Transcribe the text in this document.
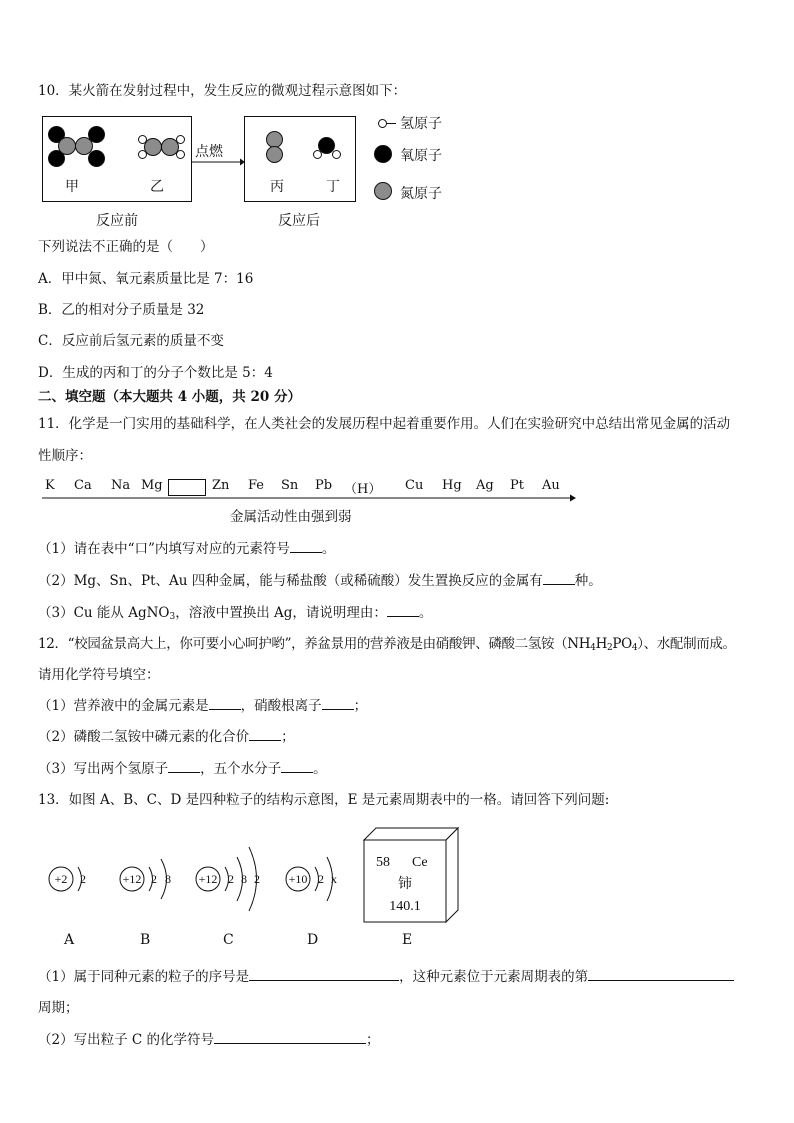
10．某火箭在发射过程中，发生反应的微观过程示意图如下：
甲	乙
点燃
丙	丁
反应前	反应后
氢原子
氧原子
氮原子
下列说法不正确的是（　　）
A．甲中氮、氧元素质量比是 7：16
B．乙的相对分子质量是 32
C．反应前后氢元素的质量不变
D．生成的丙和丁的分子个数比是 5：4
二、填空题（本大题共 4 小题，共 20 分）
11．化学是一门实用的基础科学，在人类社会的发展历程中起着重要作用。人们在实验研究中总结出常见金属的活动
性顺序：
K Ca Na Mg	Zn Fe Sn Pb （H） Cu Hg Ag Pt Au
金属活动性由强到弱
（1）请在表中“口”内填写对应的元素符号 。
（2）Mg、Sn、Pt、Au 四种金属，能与稀盐酸（或稀硫酸）发生置换反应的金属有 种。
（3）Cu 能从 AgNO$_3$，溶液中置换出 Ag，请说明理由： 。
12．“校园盆景高大上，你可要小心呵护哟”，养盆景用的营养液是由硝酸钾、磷酸二氢铵$(NH_4H_2PO_4)$、水配制而成。
请用化学符号填空：
（1）营养液中的金属元素是 ，硝酸根离子 ；
（2）磷酸二氢铵中磷元素的化合价 ；
（3）写出两个氢原子 ，五个水分子 。
13．如图 A、B、C、D 是四种粒子的结构示意图，E 是元素周期表中的一格。请回答下列问题:
+2 2	+12 2 8 +12 2 8 2 +10 2 x
58 Ce
铈
140.1
A	B	C	D	E
（1）属于同种元素的粒子的序号是	，这种元素位于元素周期表的第
周期；
（2）写出粒子 C 的化学符号	；
